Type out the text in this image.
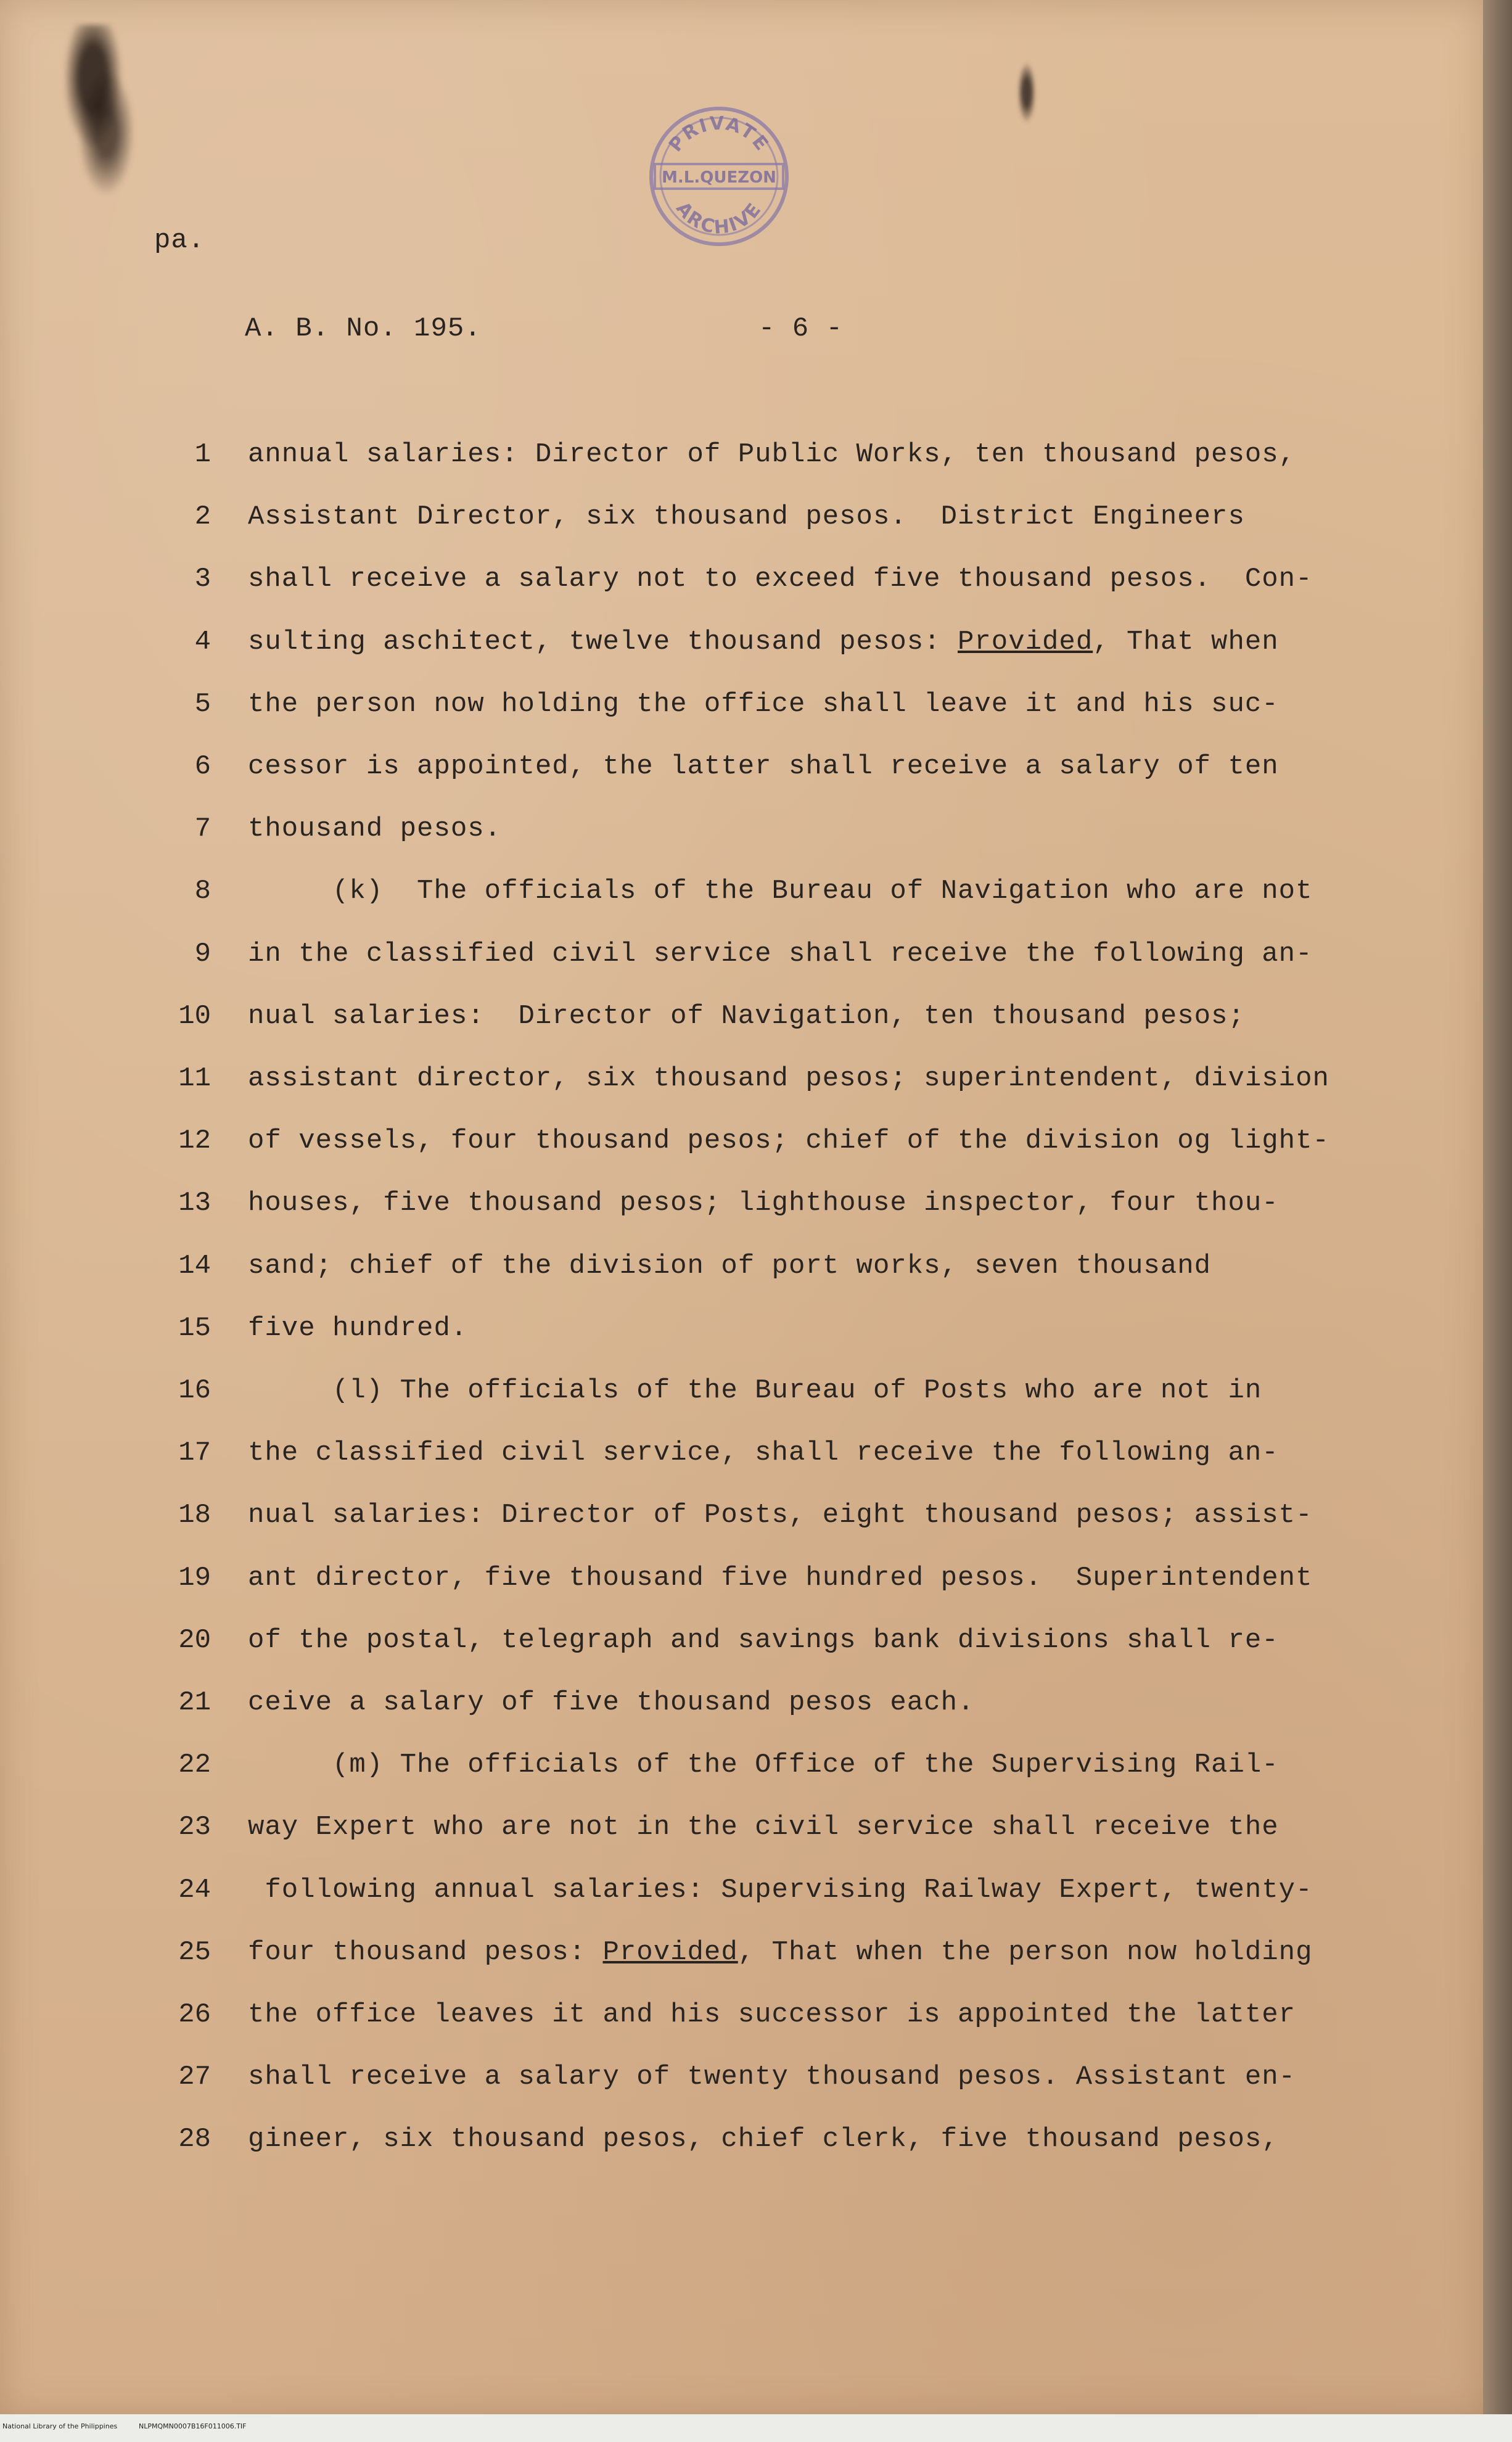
PRIVATE
M.L.QUEZON
ARCHIVE
pa.
A. B. No. 195.	- 6 -
1 annual salaries: Director of Public Works, ten thousand pesos,
2 Assistant Director, six thousand pesos.  District Engineers
3 shall receive a salary not to exceed five thousand pesos.  Con-
4 sulting aschitect, twelve thousand pesos: Provided, That when
5 the person now holding the office shall leave it and his suc-
6 cessor is appointed, the latter shall receive a salary of ten
7 thousand pesos.
8 (k)  The officials of the Bureau of Navigation who are not
9 in the classified civil service shall receive the following an-
10 nual salaries:  Director of Navigation, ten thousand pesos;
11 assistant director, six thousand pesos; superintendent, division
12 of vessels, four thousand pesos; chief of the division og light-
13 houses, five thousand pesos; lighthouse inspector, four thou-
14 sand; chief of the division of port works, seven thousand
15 five hundred.
16 (l) The officials of the Bureau of Posts who are not in
17 the classified civil service, shall receive the following an-
18 nual salaries: Director of Posts, eight thousand pesos; assist-
19 ant director, five thousand five hundred pesos.  Superintendent
20 of the postal, telegraph and savings bank divisions shall re-
21 ceive a salary of five thousand pesos each.
22 (m) The officials of the Office of the Supervising Rail-
23 way Expert who are not in the civil service shall receive the
24 following annual salaries: Supervising Railway Expert, twenty-
25 four thousand pesos: Provided, That when the person now holding
26 the office leaves it and his successor is appointed the latter
27 shall receive a salary of twenty thousand pesos. Assistant en-
28 gineer, six thousand pesos, chief clerk, five thousand pesos,
National Library of the Philippines	NLPMQMN0007B16F011006.TIF
